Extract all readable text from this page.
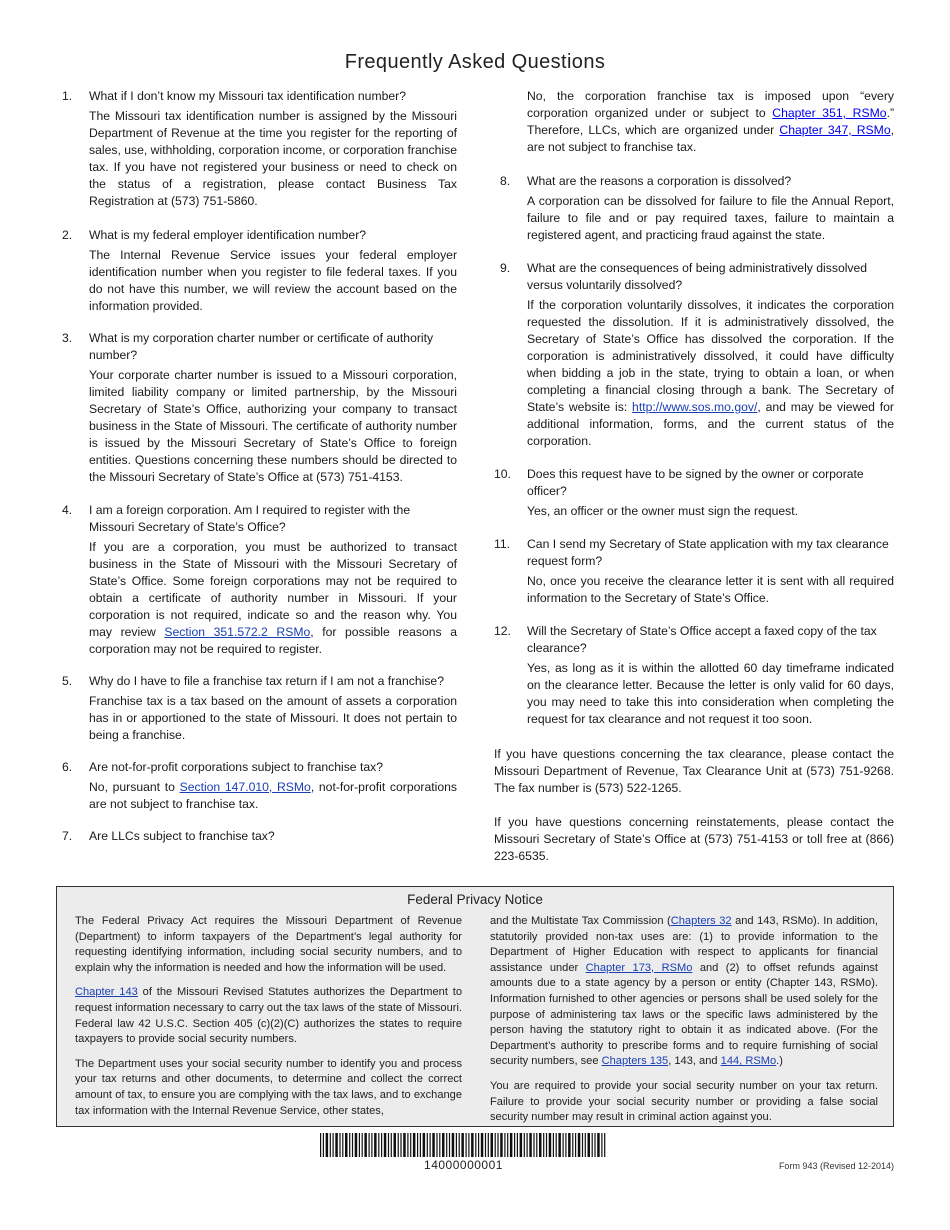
Frequently Asked Questions
1. What if I don’t know my Missouri tax identification number?
The Missouri tax identification number is assigned by the Missouri Department of Revenue at the time you register for the reporting of sales, use, withholding, corporation income, or corporation franchise tax. If you have not registered your business or need to check on the status of a registration, please contact Business Tax Registration at (573) 751-5860.
2. What is my federal employer identification number?
The Internal Revenue Service issues your federal employer identification number when you register to file federal taxes. If you do not have this number, we will review the account based on the information provided.
3. What is my corporation charter number or certificate of authority number?
Your corporate charter number is issued to a Missouri corporation, limited liability company or limited partnership, by the Missouri Secretary of State’s Office, authorizing your company to transact business in the State of Missouri. The certificate of authority number is issued by the Missouri Secretary of State’s Office to foreign entities. Questions concerning these numbers should be directed to the Missouri Secretary of State’s Office at (573) 751-4153.
4. I am a foreign corporation. Am I required to register with the Missouri Secretary of State’s Office?
If you are a corporation, you must be authorized to transact business in the State of Missouri with the Missouri Secretary of State’s Office. Some foreign corporations may not be required to obtain a certificate of authority number in Missouri. If your corporation is not required, indicate so and the reason why. You may review Section 351.572.2 RSMo, for possible reasons a corporation may not be required to register.
5. Why do I have to file a franchise tax return if I am not a franchise?
Franchise tax is a tax based on the amount of assets a corporation has in or apportioned to the state of Missouri. It does not pertain to being a franchise.
6. Are not-for-profit corporations subject to franchise tax?
No, pursuant to Section 147.010, RSMo, not-for-profit corporations are not subject to franchise tax.
7. Are LLCs subject to franchise tax?
No, the corporation franchise tax is imposed upon “every corporation organized under or subject to Chapter 351, RSMo.” Therefore, LLCs, which are organized under Chapter 347, RSMo, are not subject to franchise tax.
8. What are the reasons a corporation is dissolved?
A corporation can be dissolved for failure to file the Annual Report, failure to file and or pay required taxes, failure to maintain a registered agent, and practicing fraud against the state.
9. What are the consequences of being administratively dissolved versus voluntarily dissolved?
If the corporation voluntarily dissolves, it indicates the corporation requested the dissolution. If it is administratively dissolved, the Secretary of State’s Office has dissolved the corporation. If the corporation is administratively dissolved, it could have difficulty when bidding a job in the state, trying to obtain a loan, or when completing a financial closing through a bank. The Secretary of State’s website is: http://www.sos.mo.gov/, and may be viewed for additional information, forms, and the current status of the corporation.
10. Does this request have to be signed by the owner or corporate officer?
Yes, an officer or the owner must sign the request.
11. Can I send my Secretary of State application with my tax clearance request form?
No, once you receive the clearance letter it is sent with all required information to the Secretary of State’s Office.
12. Will the Secretary of State’s Office accept a faxed copy of the tax clearance?
Yes, as long as it is within the allotted 60 day timeframe indicated on the clearance letter. Because the letter is only valid for 60 days, you may need to take this into consideration when completing the request for tax clearance and not request it too soon.

If you have questions concerning the tax clearance, please contact the Missouri Department of Revenue, Tax Clearance Unit at (573) 751-9268. The fax number is (573) 522-1265.

If you have questions concerning reinstatements, please contact the Missouri Secretary of State’s Office at (573) 751-4153 or toll free at (866) 223-6535.

Federal Privacy Notice

The Federal Privacy Act requires the Missouri Department of Revenue (Department) to inform taxpayers of the Department’s legal authority for requesting identifying information, including social security numbers, and to explain why the information is needed and how the information will be used.

Chapter 143 of the Missouri Revised Statutes authorizes the Department to request information necessary to carry out the tax laws of the state of Missouri. Federal law 42 U.S.C. Section 405 (c)(2)(C) authorizes the states to require taxpayers to provide social security numbers.

The Department uses your social security number to identify you and process your tax returns and other documents, to determine and collect the correct amount of tax, to ensure you are complying with the tax laws, and to exchange tax information with the Internal Revenue Service, other states,

and the Multistate Tax Commission (Chapters 32 and 143, RSMo). In addition, statutorily provided non-tax uses are: (1) to provide information to the Department of Higher Education with respect to applicants for financial assistance under Chapter 173, RSMo and (2) to offset refunds against amounts due to a state agency by a person or entity (Chapter 143, RSMo). Information furnished to other agencies or persons shall be used solely for the purpose of administering tax laws or the specific laws administered by the person having the statutory right to obtain it as indicated above. (For the Department’s authority to prescribe forms and to require furnishing of social security numbers, see Chapters 135, 143, and 144, RSMo.)

You are required to provide your social security number on your tax return. Failure to provide your social security number or providing a false social security number may result in criminal action against you.

14000000001	Form 943 (Revised 12-2014)
